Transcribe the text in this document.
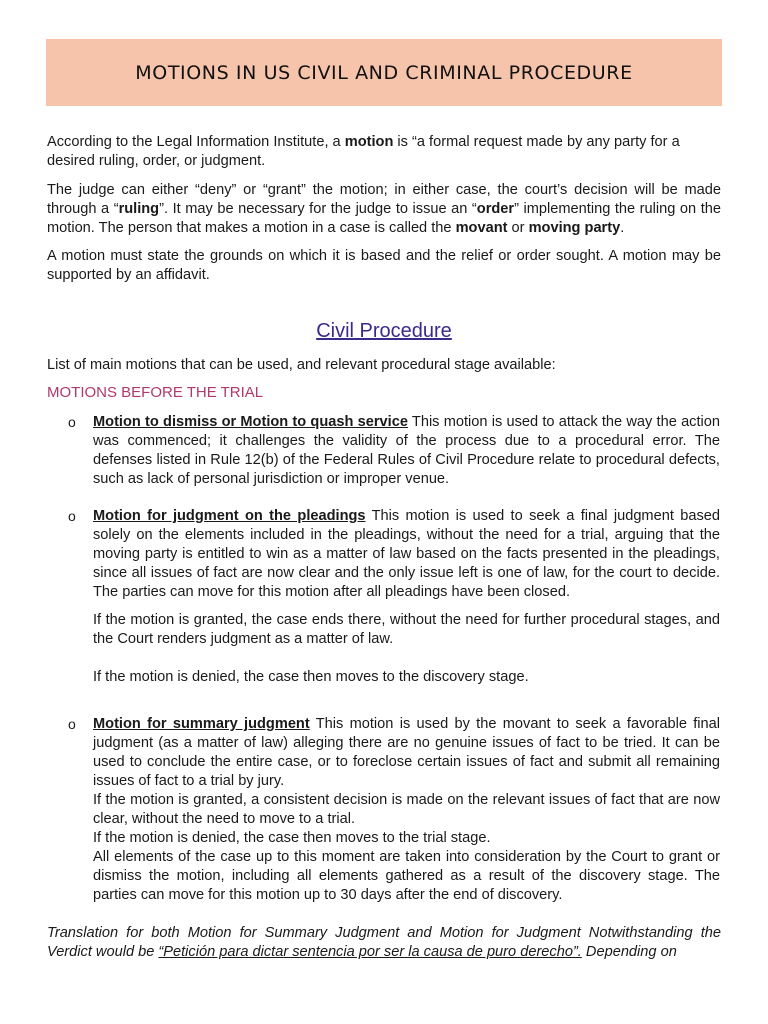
MOTIONS IN US CIVIL AND CRIMINAL PROCEDURE

According to the Legal Information Institute, a motion is “a formal request made by any party for a desired ruling, order, or judgment.

The judge can either “deny” or “grant” the motion; in either case, the court’s decision will be made through a “ruling”. It may be necessary for the judge to issue an “order” implementing the ruling on the motion. The person that makes a motion in a case is called the movant or moving party.

A motion must state the grounds on which it is based and the relief or order sought. A motion may be supported by an affidavit.

Civil Procedure
List of main motions that can be used, and relevant procedural stage available:
MOTIONS BEFORE THE TRIAL
o Motion to dismiss or Motion to quash service This motion is used to attack the way the action was commenced; it challenges the validity of the process due to a procedural error. The defenses listed in Rule 12(b) of the Federal Rules of Civil Procedure relate to procedural defects, such as lack of personal jurisdiction or improper venue.
o Motion for judgment on the pleadings This motion is used to seek a final judgment based solely on the elements included in the pleadings, without the need for a trial, arguing that the moving party is entitled to win as a matter of law based on the facts presented in the pleadings, since all issues of fact are now clear and the only issue left is one of law, for the court to decide. The parties can move for this motion after all pleadings have been closed.
If the motion is granted, the case ends there, without the need for further procedural stages, and the Court renders judgment as a matter of law.
If the motion is denied, the case then moves to the discovery stage.
o Motion for summary judgment This motion is used by the movant to seek a favorable final judgment (as a matter of law) alleging there are no genuine issues of fact to be tried. It can be used to conclude the entire case, or to foreclose certain issues of fact and submit all remaining issues of fact to a trial by jury.
If the motion is granted, a consistent decision is made on the relevant issues of fact that are now clear, without the need to move to a trial.
If the motion is denied, the case then moves to the trial stage.
All elements of the case up to this moment are taken into consideration by the Court to grant or dismiss the motion, including all elements gathered as a result of the discovery stage. The parties can move for this motion up to 30 days after the end of discovery.
Translation for both Motion for Summary Judgment and Motion for Judgment Notwithstanding the Verdict would be “Petición para dictar sentencia por ser la causa de puro derecho”. Depending on
